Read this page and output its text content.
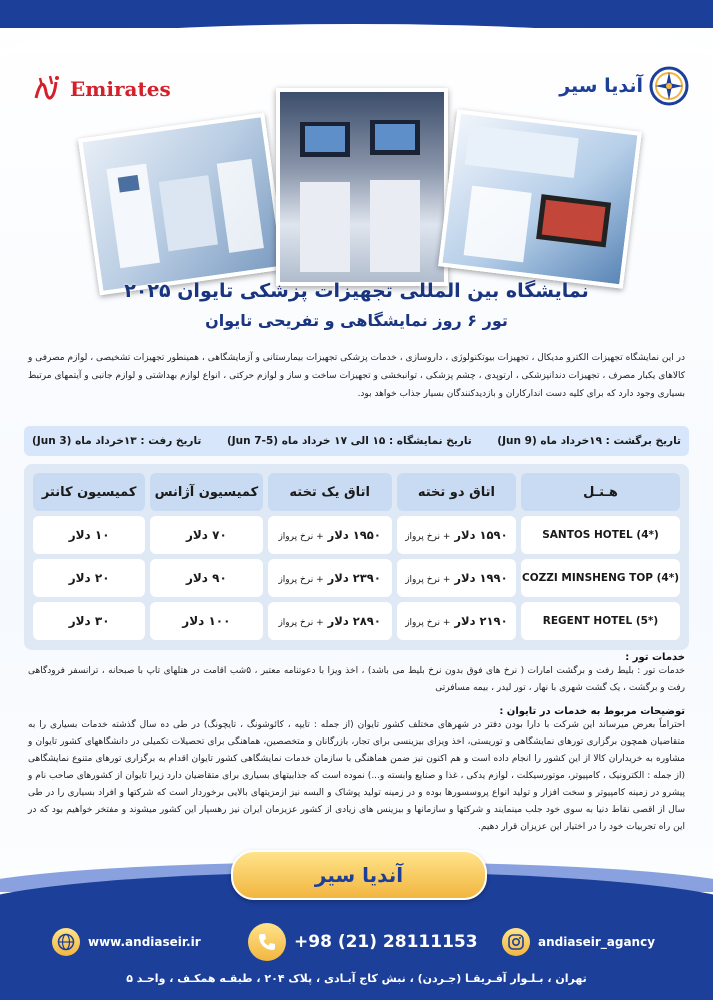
Emirates	آندیا سیر
نمایشگاه بین المللی تجهیزات پزشکی تایوان ۲۰۲۵
تور ۶ روز نمایشگاهی و تفریحی تایوان
در این نمایشگاه تجهیزات الکترو مدیکال ، تجهیزات بیوتکنولوژی ، داروسازی ، خدمات پزشکی تجهیزات بیمارستانی و آزمایشگاهی ، همینطور تجهیزات تشخیصی ، لوازم مصرفی و کالاهای یکبار مصرف ، تجهیزات دندانپزشکی ، ارتوپدی ، چشم پزشکی ، توانبخشی و تجهیزات ساخت و ساز و لوازم حرکتی ، انواع لوازم بهداشتی و لوازم جانبی و آیتمهای مرتبط بسیاری وجود دارد که برای کلیه دست اندارکاران و بازدیدکنندگان بسیار جذاب خواهد بود.
تاریخ رفت : ۱۳خرداد ماه (3 Jun) تاریخ نمایشگاه : ۱۵ الی ۱۷ خرداد ماه (5-7 Jun) تاریخ برگشت : ۱۹خرداد ماه (9 Jun)
هـتـل	اتاق دو تخته	اتاق یک تخته	کمیسیون آژانس	کمیسیون کانتر
SANTOS HOTEL (4*)	۱۵۹۰ دلار + نرخ پرواز	۱۹۵۰ دلار + نرخ پرواز	۷۰ دلار	۱۰ دلار
COZZI MINSHENG TOP (4*)	۱۹۹۰ دلار + نرخ پرواز	۲۳۹۰ دلار + نرخ پرواز	۹۰ دلار	۲۰ دلار
REGENT HOTEL (5*)	۲۱۹۰ دلار + نرخ پرواز	۲۸۹۰ دلار + نرخ پرواز	۱۰۰ دلار	۳۰ دلار
خدمات تور :

خدمات تور : بلیط رفت و برگشت امارات ( نرخ های فوق بدون نرخ بلیط می باشد) ، اخذ ویزا با دعوتنامه معتبر ، ۵شب اقامت در هتلهای تاپ با صبحانه ، ترانسفر فرودگاهی رفت و برگشت ، یک گشت شهری با نهار ، تور لیدر ، بیمه مسافرتی

توضیحات مربوط به خدمات در تایوان :

احتراماً بعرض میرساند این شرکت با دارا بودن دفتر در شهرهای مختلف کشور تایوان (از جمله : تایپه ، کائوشونگ ، تایچونگ) در طی ده سال گذشته خدمات بسیاری را به متقاضیان همچون برگزاری تورهای نمایشگاهی و توریستی، اخذ ویزای بیزینسی برای تجار، بازرگانان و متخصصین، هماهنگی برای تحصیلات تکمیلی در دانشگاههای کشور تایوان و مشاوره به خریداران کالا از این کشور را انجام داده است و هم اکنون نیز ضمن هماهنگی با سازمان خدمات نمایشگاهی کشور تایوان اقدام به برگزاری تورهای متنوع نمایشگاهی (از جمله : الکترونیک ، کامپیوتر، موتورسیکلت ، لوازم یدکی ، غذا و صنایع وابسته و...) نموده است که جذابیتهای بسیاری برای متقاضیان دارد زیرا تایوان از کشورهای صاحب نام و پیشرو در زمینه کامپیوتر و سخت افزار و تولید انواع پروسسورها بوده و در زمینه تولید پوشاک و البسه نیز ازمزیتهای بالایی برخوردار است که شرکتها و افراد بسیاری را در طی سال از اقصی نقاط دنیا به سوی خود جلب مینمایند و شرکتها و سازمانها و بیزینس های زیادی از کشور عزیزمان ایران نیز رهسپار این کشور میشوند و مفتخر خواهیم بود که در این راه تجربیات خود را در اختیار این عزیزان قرار دهیم.

آندیا سیر
www.andiaseir.ir	+98 (21) 28111153	andiaseir_agancy
تهران ، بـلـوار آفـریقـا (جـردن) ، نبش کاج آبـادی ، پلاک ۲۰۴ ، طبقـه همکـف ، واحـد ۵
